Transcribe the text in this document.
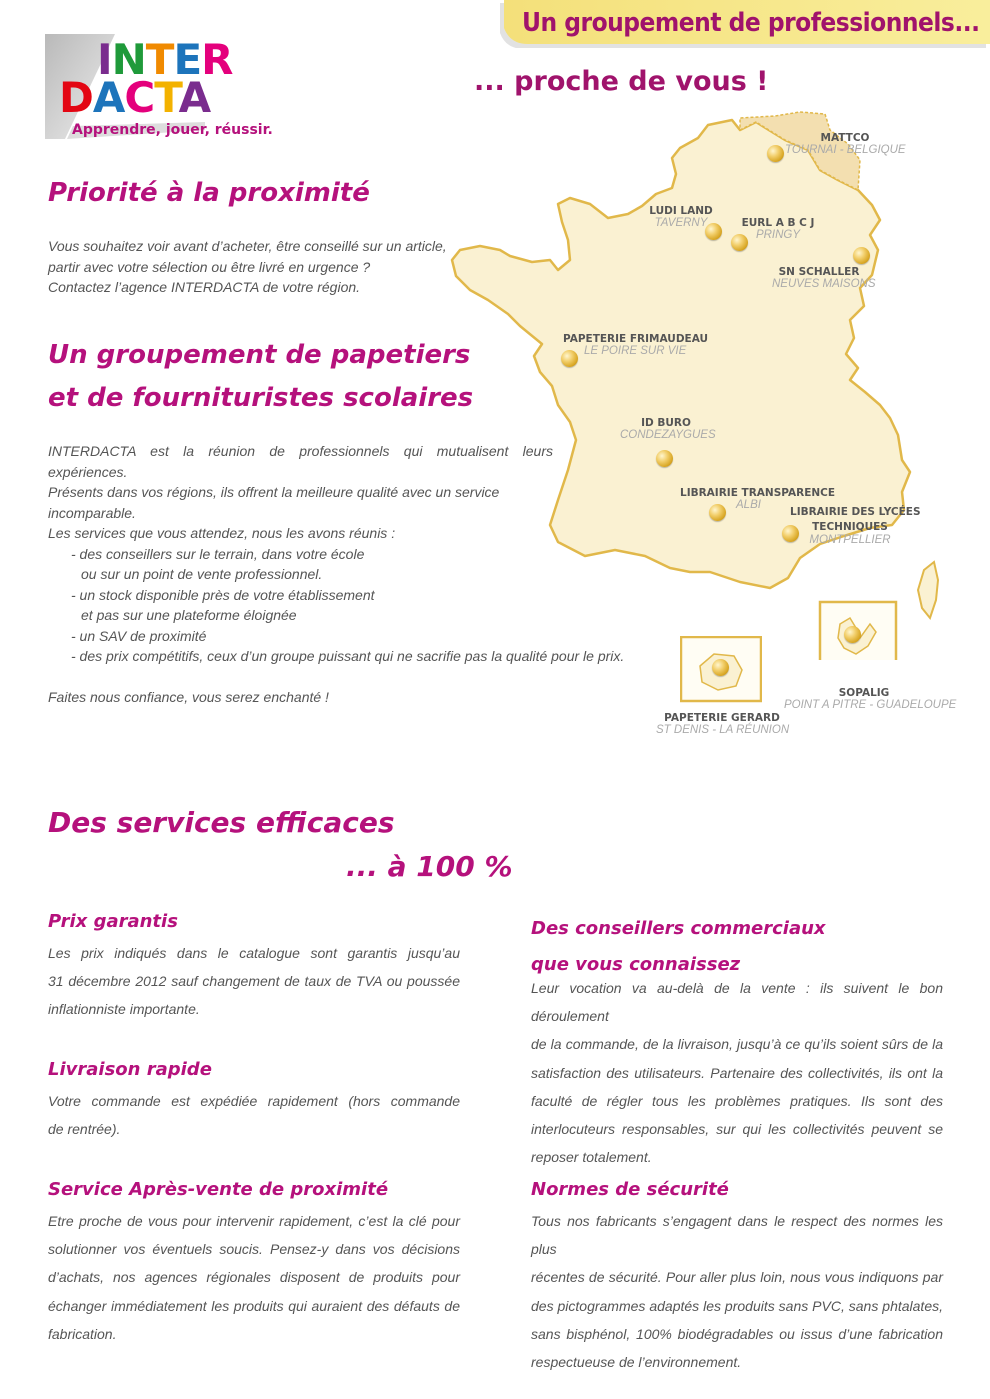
Un groupement de professionnels...
... proche de vous !
INTER
DACTA
Apprendre, jouer, réussir.
Priorité à la proximité
Vous souhaitez voir avant d’acheter, être conseillé sur un article,
partir avec votre sélection ou être livré en urgence ?
Contactez l’agence INTERDACTA de votre région.
Un groupement de papetiers
et de fournituristes scolaires
INTERDACTA est la réunion de professionnels qui mutualisent leurs expériences.
Présents dans vos régions, ils offrent la meilleure qualité avec un service
incomparable.
Les services que vous attendez, nous les avons réunis :
- des conseillers sur le terrain, dans votre école
ou sur un point de vente professionnel.
- un stock disponible près de votre établissement
et pas sur une plateforme éloignée
- un SAV de proximité
- des prix compétitifs, ceux d’un groupe puissant qui ne sacrifie pas la qualité pour le prix.
Faites nous confiance, vous serez enchanté !
MATTCO
TOURNAI - BELGIQUE
LUDI LAND
TAVERNY	EURL A B C J
PRINGY
SN SCHALLER
NEUVES MAISONS
PAPETERIE FRIMAUDEAU
LE POIRE SUR VIE
ID BURO
CONDEZAYGUES
LIBRAIRIE TRANSPARENCE
ALBI
LIBRAIRIE DES LYCÉES
TECHNIQUES
MONTPELLIER
SOPALIG
POINT A PITRE - GUADELOUPE
PAPETERIE GERARD
ST DENIS - LA RÉUNION
Des services efficaces
... à 100 %
Prix garantis
Les prix indiqués dans le catalogue sont garantis jusqu’au
31 décembre 2012 sauf changement de taux de TVA ou poussée
inflationniste importante.
Livraison rapide
Votre commande est expédiée rapidement (hors commande
de rentrée).
Service Après-vente de proximité
Etre proche de vous pour intervenir rapidement, c’est la clé pour
solutionner vos éventuels soucis. Pensez-y dans vos décisions
d’achats, nos agences régionales disposent de produits pour
échanger immédiatement les produits qui auraient des défauts de
fabrication.
Des conseillers commerciaux
que vous connaissez
Leur vocation va au-delà de la vente : ils suivent le bon déroulement
de la commande, de la livraison, jusqu’à ce qu’ils soient sûrs de la
satisfaction des utilisateurs. Partenaire des collectivités, ils ont la
faculté de régler tous les problèmes pratiques. Ils sont des
interlocuteurs responsables, sur qui les collectivités peuvent se
reposer totalement.
Normes de sécurité
Tous nos fabricants s’engagent dans le respect des normes les plus
récentes de sécurité. Pour aller plus loin, nous vous indiquons par
des pictogrammes adaptés les produits sans PVC, sans phtalates,
sans bisphénol, 100% biodégradables ou issus d’une fabrication
respectueuse de l’environnement.
